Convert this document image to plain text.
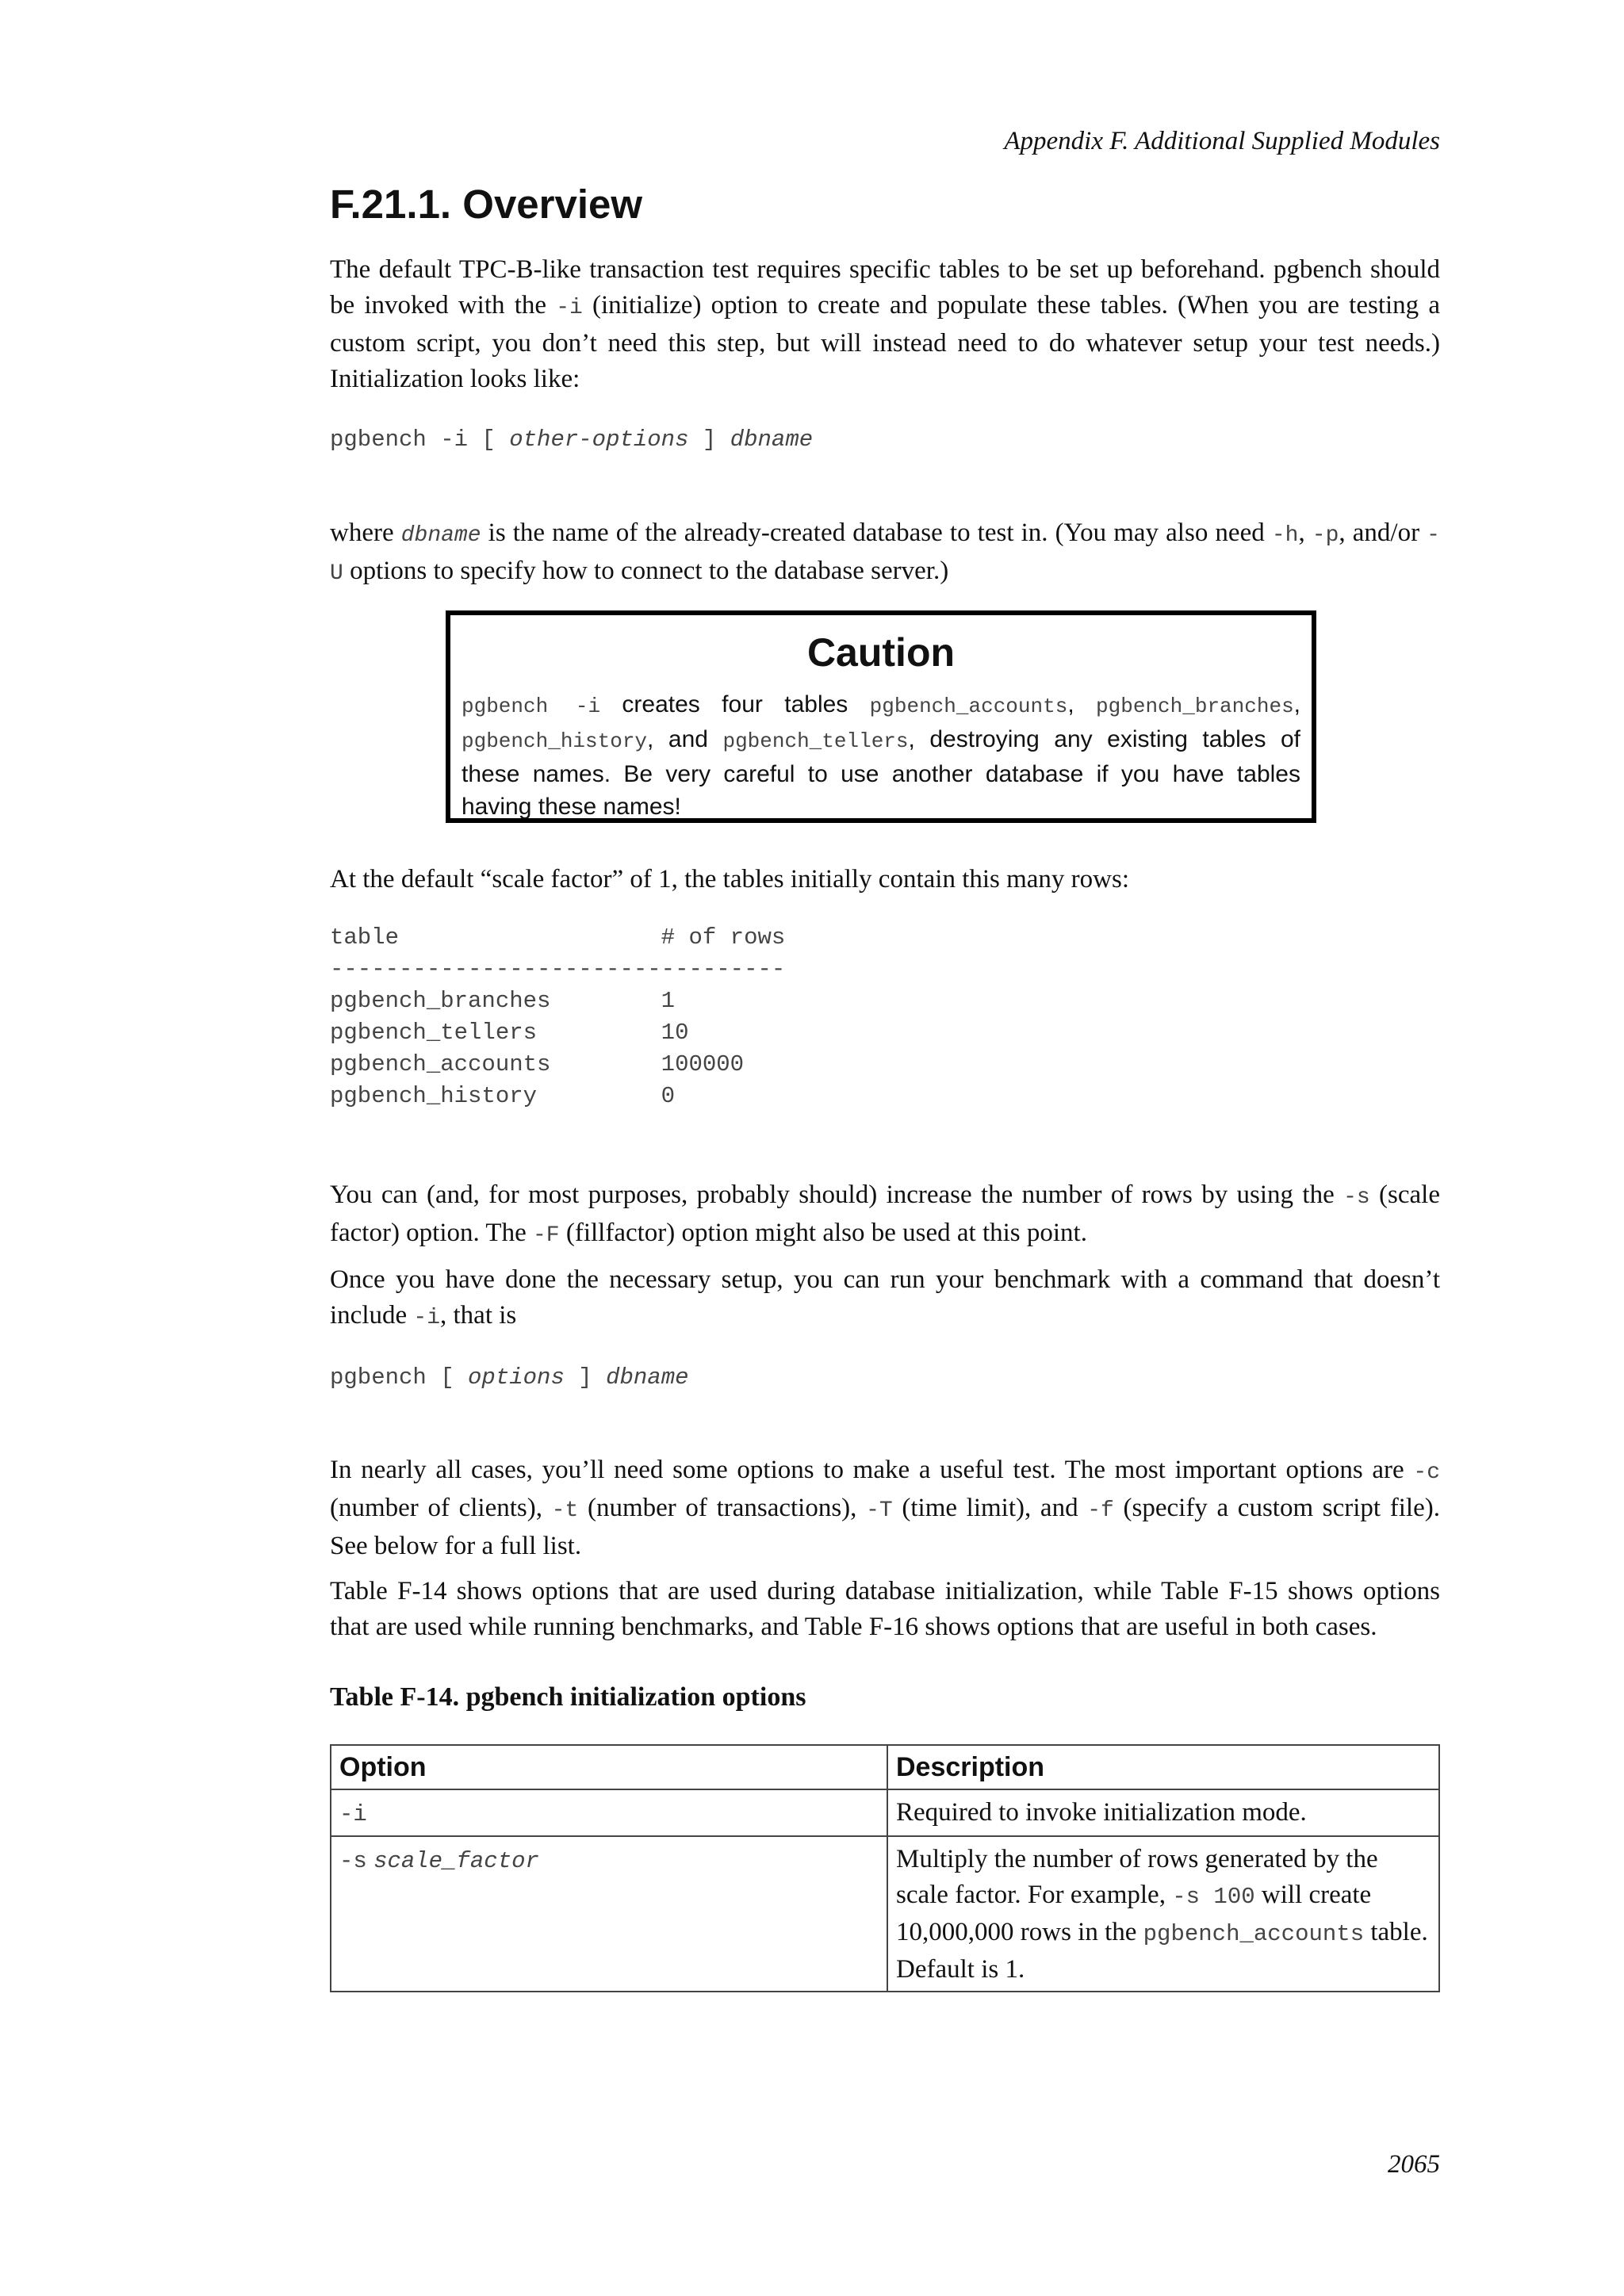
Appendix F. Additional Supplied Modules
F.21.1. Overview

The default TPC-B-like transaction test requires specific tables to be set up beforehand. pgbench should be invoked with the -i (initialize) option to create and populate these tables. (When you are testing a custom script, you don’t need this step, but will instead need to do whatever setup your test needs.) Initialization looks like:

pgbench -i [ other-options ] dbname

where dbname is the name of the already-created database to test in. (You may also need -h, -p, and/or -U options to specify how to connect to the database server.)

Caution
pgbench -i creates four tables pgbench_accounts, pgbench_branches, pgbench_history, and pgbench_tellers, destroying any existing tables of these names. Be very careful to use another database if you have tables having these names!

At the default “scale factor” of 1, the tables initially contain this many rows:

table                   # of rows
---------------------------------
pgbench_branches        1
pgbench_tellers         10
pgbench_accounts        100000
pgbench_history         0

You can (and, for most purposes, probably should) increase the number of rows by using the -s (scale factor) option. The -F (fillfactor) option might also be used at this point.

Once you have done the necessary setup, you can run your benchmark with a command that doesn’t include -i, that is

pgbench [ options ] dbname

In nearly all cases, you’ll need some options to make a useful test. The most important options are -c (number of clients), -t (number of transactions), -T (time limit), and -f (specify a custom script file). See below for a full list.

Table F-14 shows options that are used during database initialization, while Table F-15 shows options that are used while running benchmarks, and Table F-16 shows options that are useful in both cases.

Table F-14. pgbench initialization options
Option	Description
-i	Required to invoke initialization mode.
-s scale_factor	Multiply the number of rows generated by the scale factor. For example, -s 100 will create 10,000,000 rows in the pgbench_accounts table. Default is 1.
2065
